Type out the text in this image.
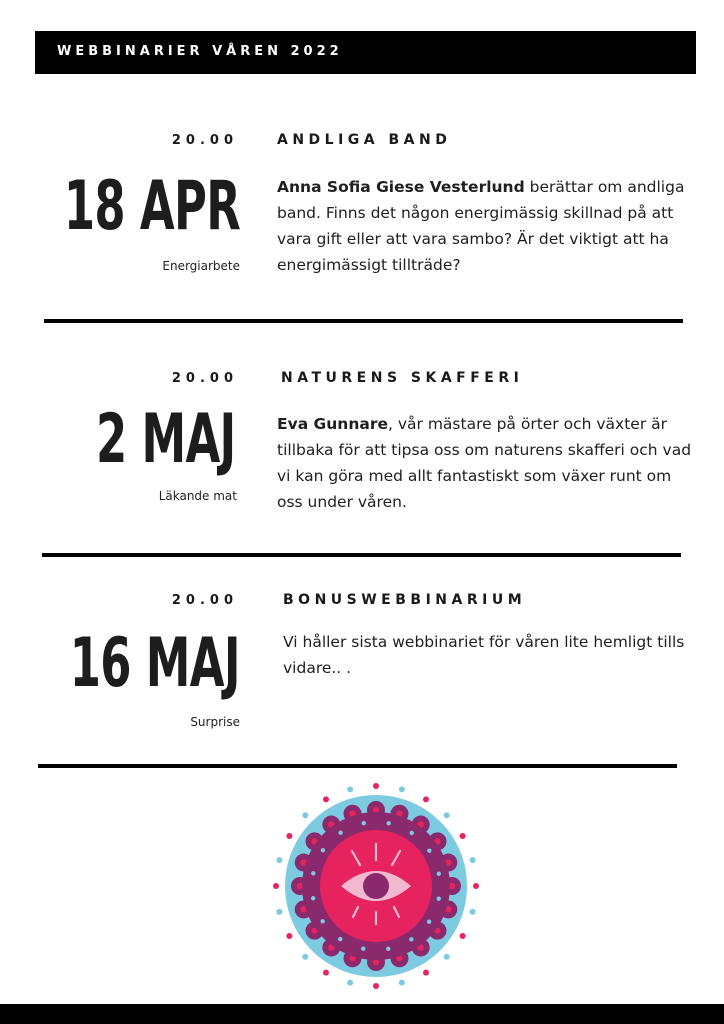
WEBBINARIER VÅREN 2022
20.00	ANDLIGA BAND
18 APR
Energiarbete
Anna Sofia Giese Vesterlund berättar om andliga band. Finns det någon energimässig skillnad på att vara gift eller att vara sambo? Är det viktigt att ha energimässigt tillträde?
20.00	NATURENS SKAFFERI
2 MAJ
Läkande mat
Eva Gunnare, vår mästare på örter och växter är tillbaka för att tipsa oss om naturens skafferi och vad vi kan göra med allt fantastiskt som växer runt om oss under våren.
20.00	BONUSWEBBINARIUM
16 MAJ
Surprise
Vi håller sista webbinariet för våren lite hemligt tills vidare.. .
